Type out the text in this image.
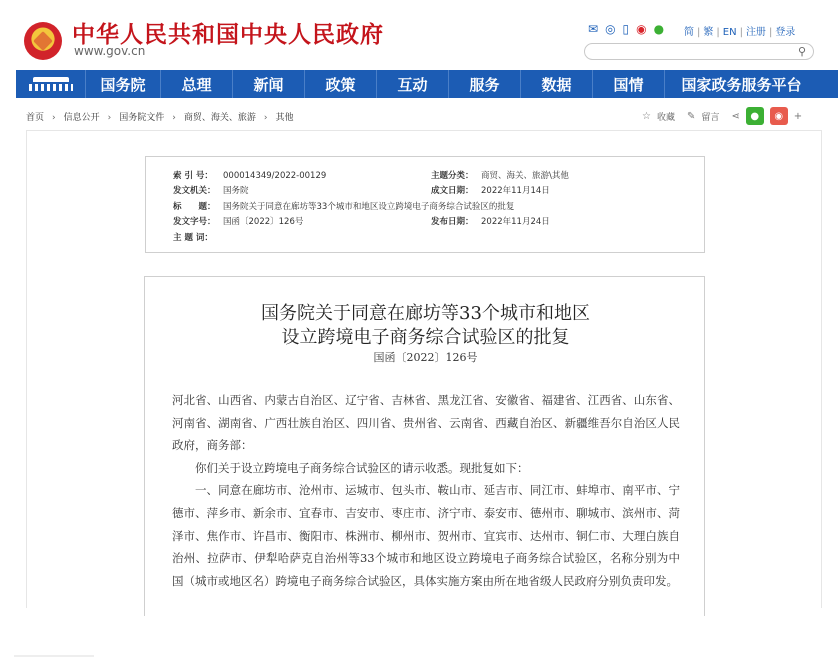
中华人民共和国中央人民政府
www.gov.cn
✉ ◎ ▯ ◉ ● 简 | 繁 | EN | 注册 | 登录
⚲
国务院	总理	新闻	政策	互动	服务	数据	国情	国家政务服务平台
首页 › 信息公开 › 国务院文件 › 商贸、海关、旅游 › 其他	☆ 收藏 ✎ 留言 ⋖	●	◉	+
索 引 号： 000014349/2022-00129	主题分类： 商贸、海关、旅游\其他
发文机关： 国务院	成文日期： 2022年11月14日
标　　题： 国务院关于同意在廊坊等33个城市和地区设立跨境电子商务综合试验区的批复
发文字号： 国函〔2022〕126号	发布日期： 2022年11月24日
主 题 词：
国务院关于同意在廊坊等33个城市和地区
设立跨境电子商务综合试验区的批复
国函〔2022〕126号

河北省、山西省、内蒙古自治区、辽宁省、吉林省、黑龙江省、安徽省、福建省、江西省、山东省、河南省、湖南省、广西壮族自治区、四川省、贵州省、云南省、西藏自治区、新疆维吾尔自治区人民政府，商务部：

你们关于设立跨境电子商务综合试验区的请示收悉。现批复如下：

一、同意在廊坊市、沧州市、运城市、包头市、鞍山市、延吉市、同江市、蚌埠市、南平市、宁德市、萍乡市、新余市、宜春市、吉安市、枣庄市、济宁市、泰安市、德州市、聊城市、滨州市、菏泽市、焦作市、许昌市、衡阳市、株洲市、柳州市、贺州市、宜宾市、达州市、铜仁市、大理白族自治州、拉萨市、伊犁哈萨克自治州等33个城市和地区设立跨境电子商务综合试验区，名称分别为中国（城市或地区名）跨境电子商务综合试验区，具体实施方案由所在地省级人民政府分别负责印发。
